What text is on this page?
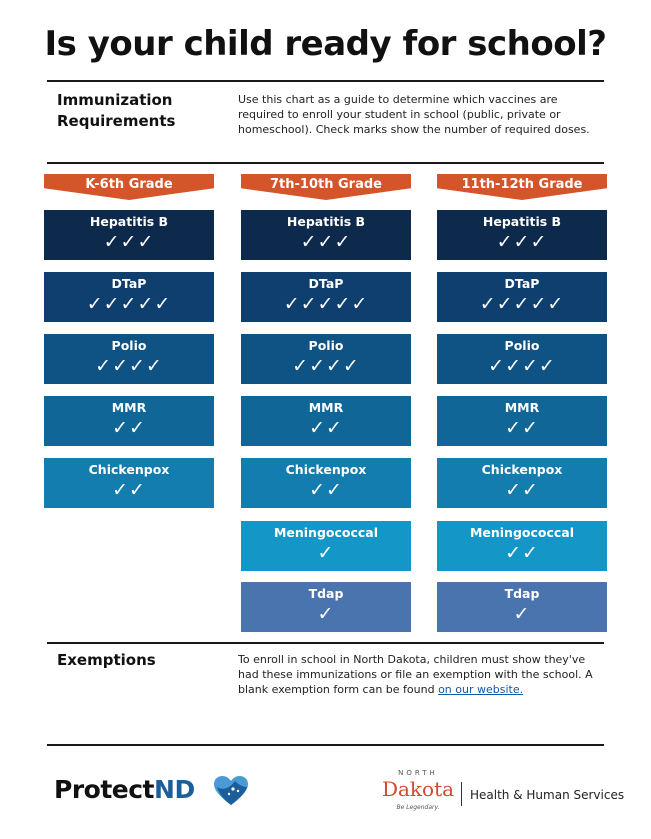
Is your child ready for school?
Immunization
Requirements
Use this chart as a guide to determine which vaccines are required to enroll your student in school (public, private or homeschool). Check marks show the number of required doses.
K-6th Grade
Hepatitis B
✓✓✓
DTaP
✓✓✓✓✓
Polio
✓✓✓✓
MMR
✓✓
Chickenpox
✓✓
7th-10th Grade
Hepatitis B
✓✓✓
DTaP
✓✓✓✓✓
Polio
✓✓✓✓
MMR
✓✓
Chickenpox
✓✓
Meningococcal
✓
Tdap
✓
11th-12th Grade
Hepatitis B
✓✓✓
DTaP
✓✓✓✓✓
Polio
✓✓✓✓
MMR
✓✓
Chickenpox
✓✓
Meningococcal
✓✓
Tdap
✓
Exemptions	To enroll in school in North Dakota, children must show they've had these immunizations or file an exemption with the school. A blank exemption form can be found on our website.
ProtectND
NORTH
Dakota
Be Legendary.
Health & Human Services
